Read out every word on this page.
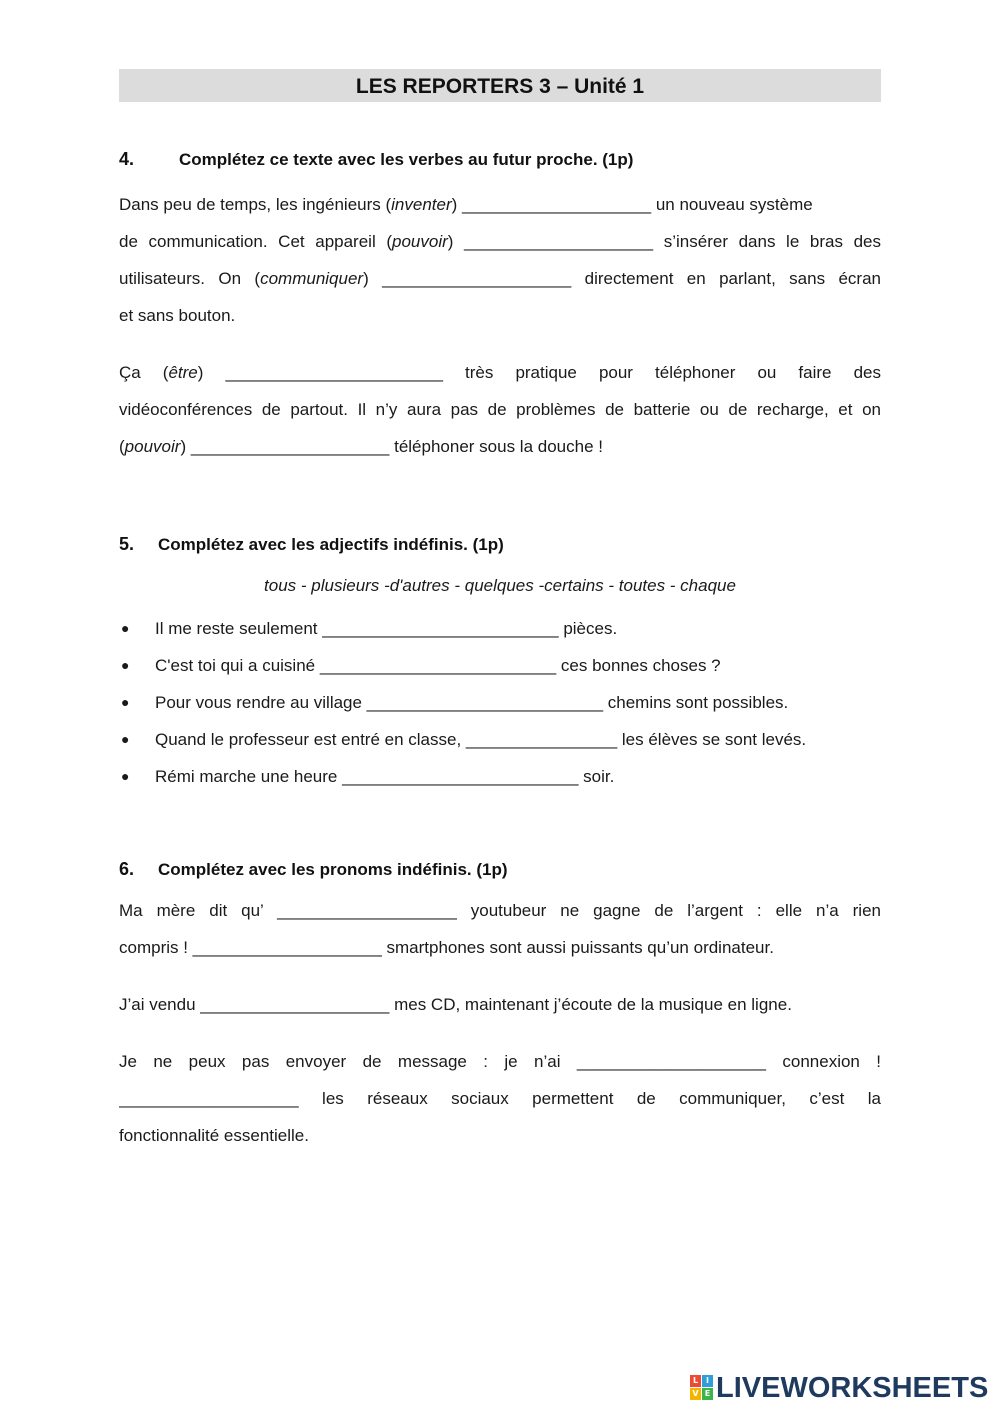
LES REPORTERS 3 – Unité 1
4.	Complétez ce texte avec les verbes au futur proche. (1p)
Dans peu de temps, les ingénieurs (inventer) ____________________ un nouveau système
de communication. Cet appareil (pouvoir) ____________________ s’insérer dans le bras des
utilisateurs. On (communiquer) ____________________ directement en parlant, sans écran
et sans bouton.
Ça (être) _______________________ très pratique pour téléphoner ou faire des
vidéoconférences de partout. Il n’y aura pas de problèmes de batterie ou de recharge, et on
(pouvoir) _____________________ téléphoner sous la douche !
5. Complétez avec les adjectifs indéfinis. (1p)
tous - plusieurs -d'autres - quelques -certains - toutes - chaque
● Il me reste seulement _________________________ pièces.
● C'est toi qui a cuisiné _________________________ ces bonnes choses ?
● Pour vous rendre au village _________________________ chemins sont possibles.
● Quand le professeur est entré en classe, ________________ les élèves se sont levés.
● Rémi marche une heure _________________________ soir.
6. Complétez avec les pronoms indéfinis. (1p)
Ma mère dit qu’ ___________________ youtubeur ne gagne de l’argent : elle n’a rien
compris ! ____________________ smartphones sont aussi puissants qu’un ordinateur.
J’ai vendu ____________________ mes CD, maintenant j’écoute de la musique en ligne.
Je ne peux pas envoyer de message : je n’ai ____________________ connexion !
___________________ les réseaux sociaux permettent de communiquer, c’est la
fonctionnalité essentielle.
L I
V E LIVEWORKSHEETS
